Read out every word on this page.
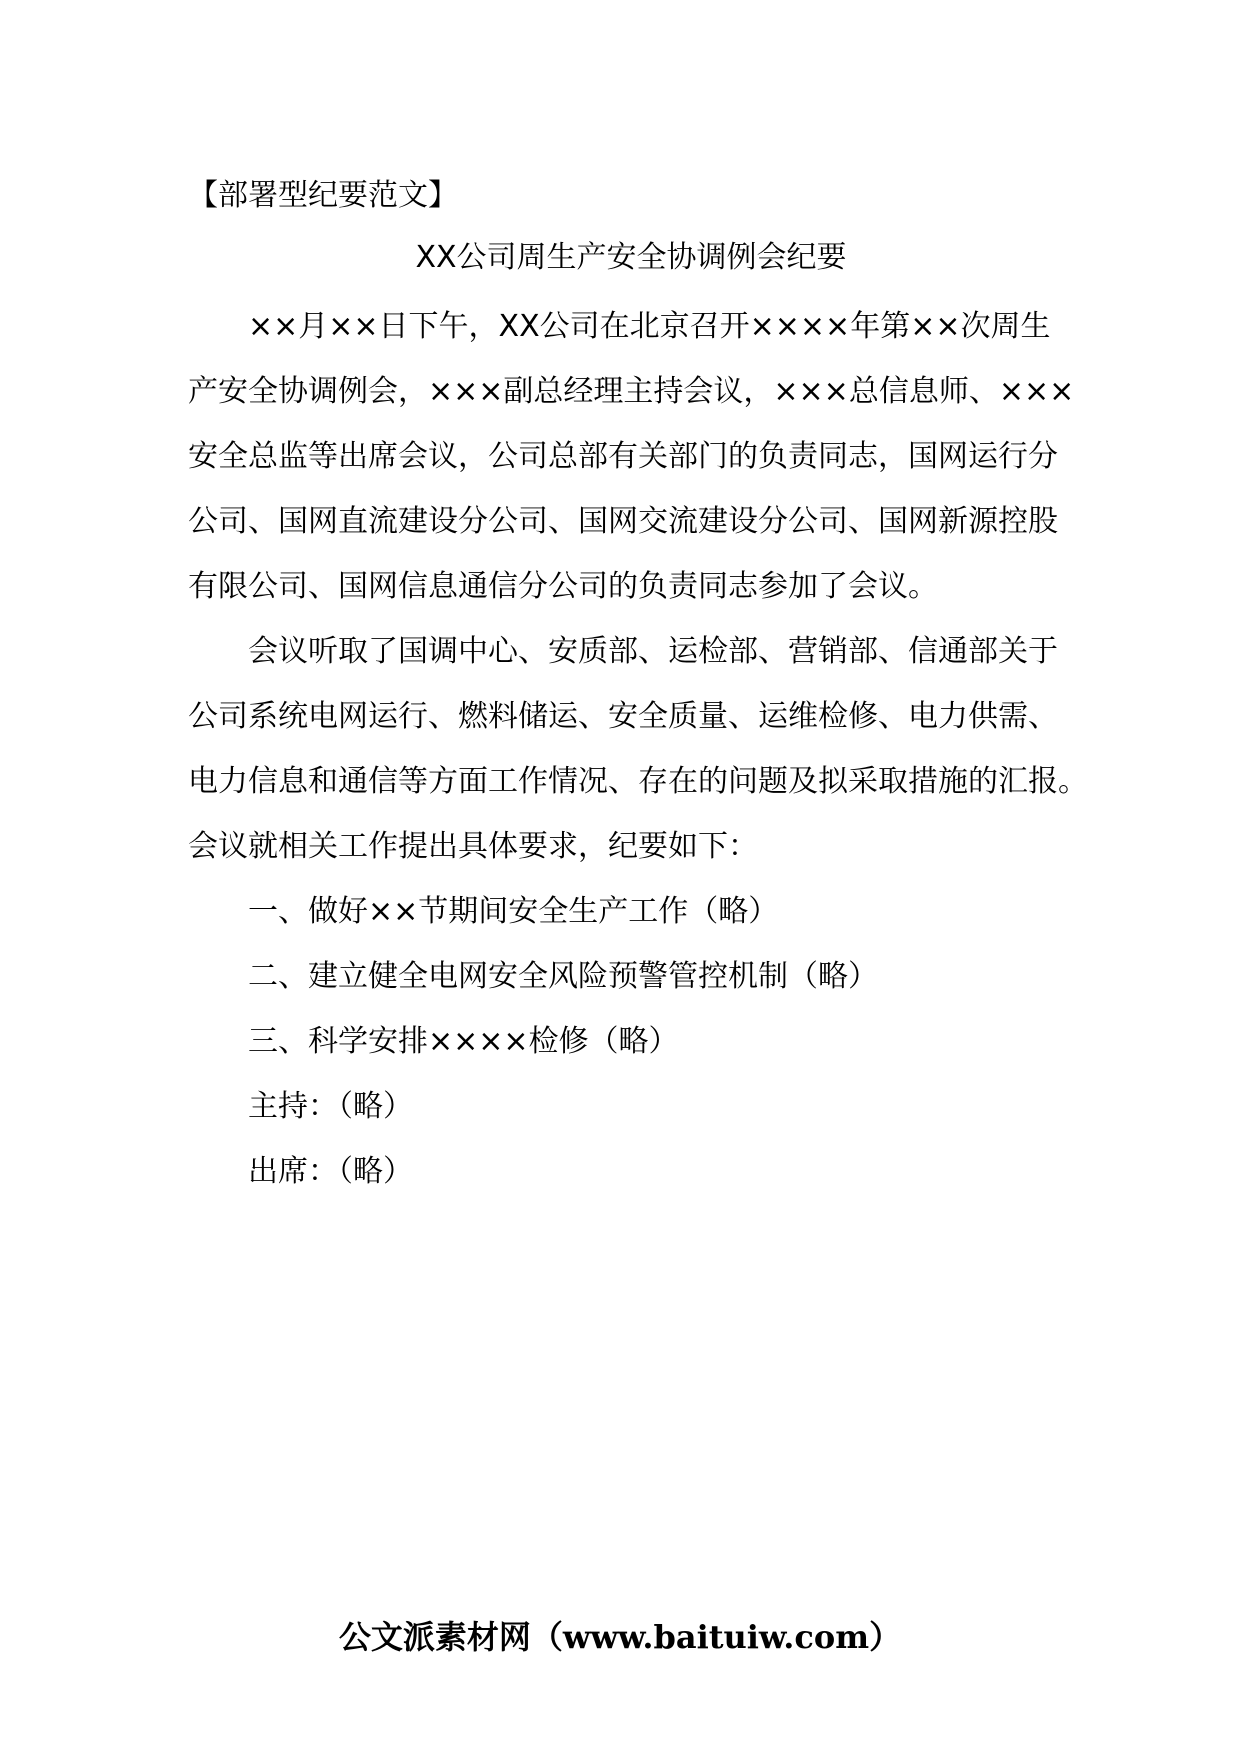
【部署型纪要范文】

XX公司周生产安全协调例会纪要

××月××日下午，XX公司在北京召开××××年第××次周生

产安全协调例会，×××副总经理主持会议，×××总信息师、×××

安全总监等出席会议，公司总部有关部门的负责同志，国网运行分

公司、国网直流建设分公司、国网交流建设分公司、国网新源控股

有限公司、国网信息通信分公司的负责同志参加了会议。

会议听取了国调中心、安质部、运检部、营销部、信通部关于

公司系统电网运行、燃料储运、安全质量、运维检修、电力供需、

电力信息和通信等方面工作情况、存在的问题及拟采取措施的汇报。

会议就相关工作提出具体要求，纪要如下：

一、做好××节期间安全生产工作（略）

二、建立健全电网安全风险预警管控机制（略）

三、科学安排××××检修（略）

主持：（略）

出席：（略）

公文派素材网（www.baituiw.com）
